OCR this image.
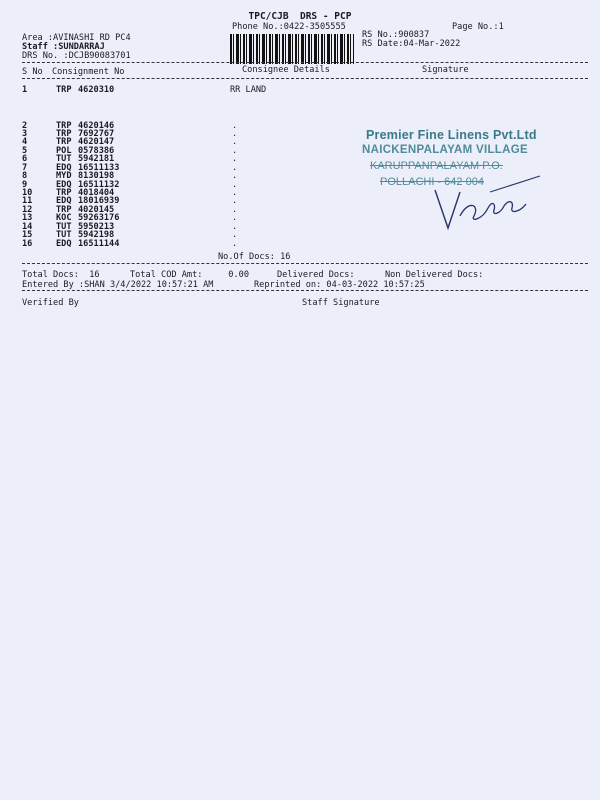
TPC/CJB  DRS - PCP
Phone No.:0422-3505555	Page No.:1
Area :AVINASHI RD PC4
Staff :SUNDARRAJ
DRS No. :DCJB90083701
RS No.:900837
RS Date:04-Mar-2022
S No Consignment No	Consignee Details	Signature
1	TRP 4620310	RR LAND
2	TRP 4620146	.
3	TRP 7692767	.
4	TRP 4620147	.
5	POL 0578386	.
6	TUT 5942181	.
7	EDQ 16511133	.
8	MYD 8130198	.
9	EDQ 16511132	.
10	TRP 4018404	.
11	EDQ 18016939	.
12	TRP 4020145	.
13	KOC 59263176	.
14	TUT 5950213	.
15	TUT 5942198	.
16	EDQ 16511144	.
No.Of Docs: 16
Total Docs:  16	Total COD Amt:     0.00	Delivered Docs:	Non Delivered Docs:
Entered By :SHAN 3/4/2022 10:57:21 AM	Reprinted on: 04-03-2022 10:57:25
Verified By	Staff Signature
Premier Fine Linens Pvt.Ltd
NAICKENPALAYAM VILLAGE
KARUPPANPALAYAM P.O.
POLLACHI - 642 004
